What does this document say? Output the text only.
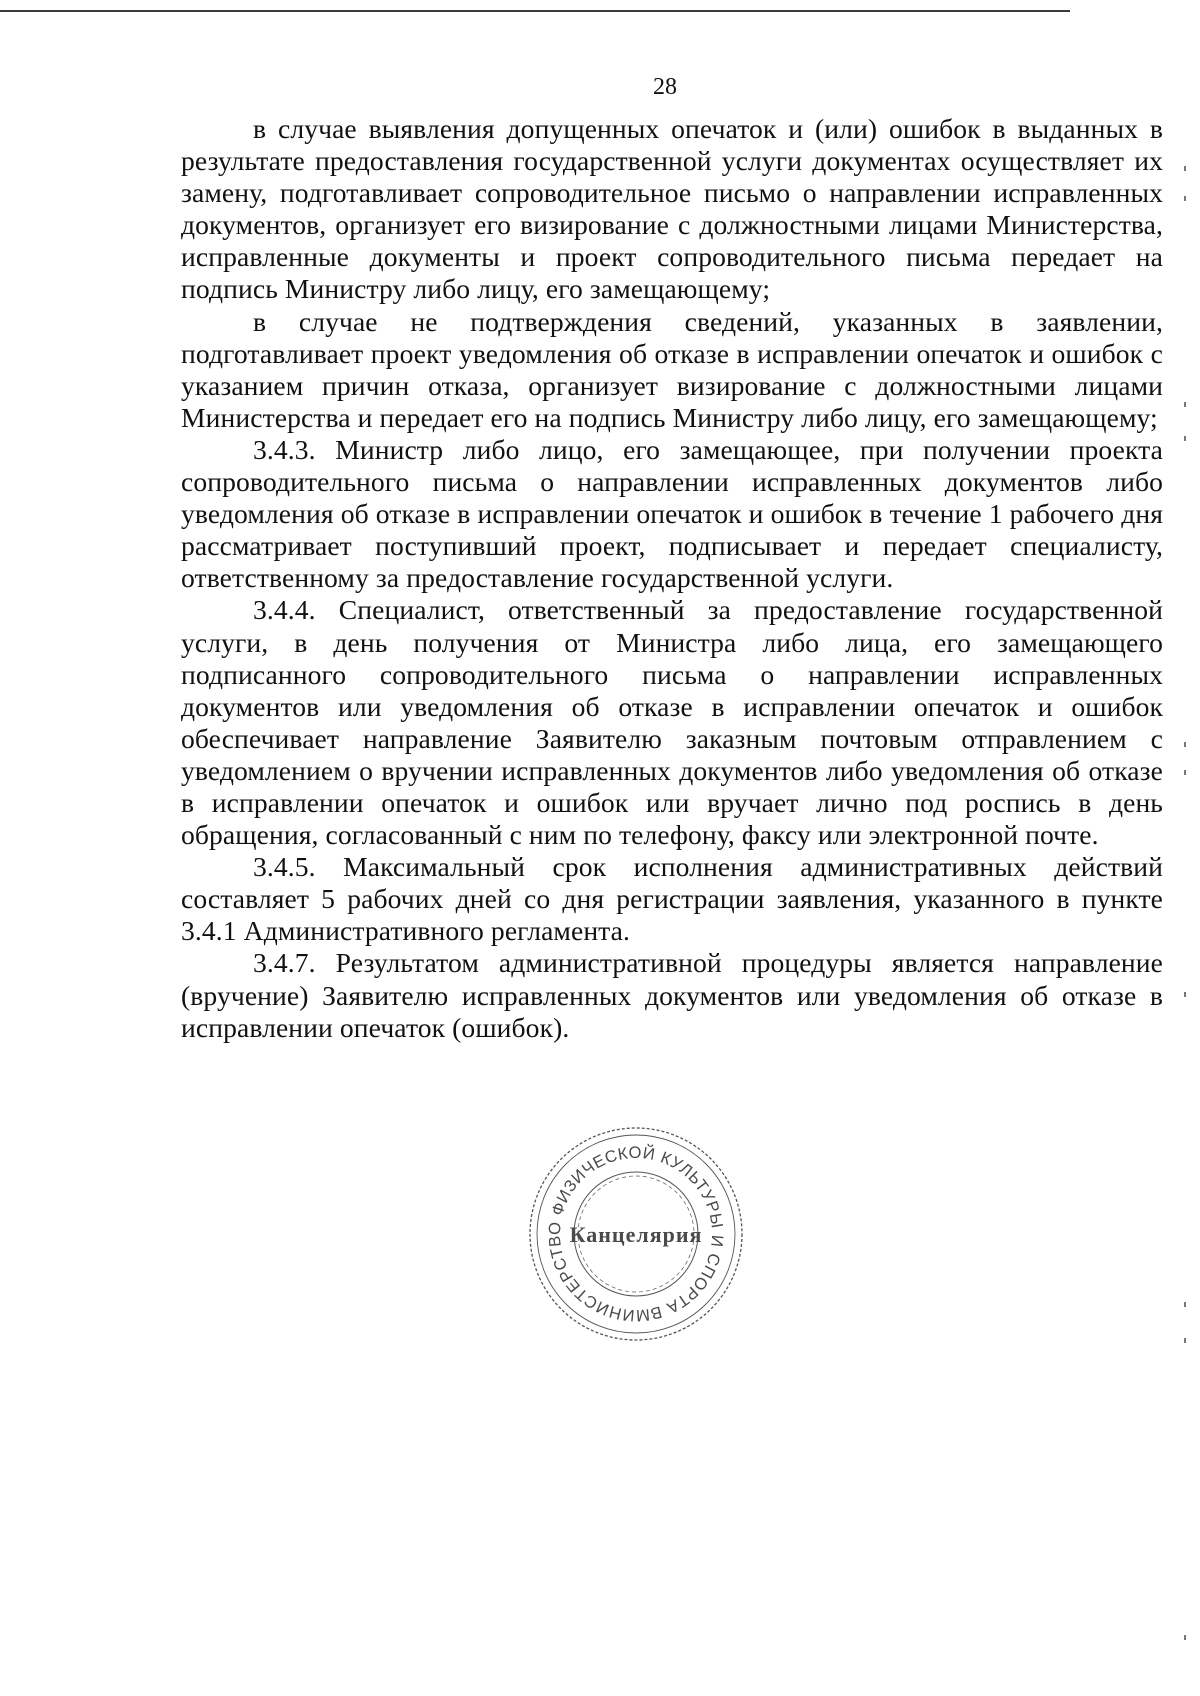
28

в случае выявления допущенных опечаток и (или) ошибок в выданных в результате предоставления государственной услуги документах осуществляет их замену, подготавливает сопроводительное письмо о направлении исправленных документов, организует его визирование с должностными лицами Министерства, исправленные документы и проект сопроводительного письма передает на подпись Министру либо лицу, его замещающему;

в случае не подтверждения сведений, указанных в заявлении, подготавливает проект уведомления об отказе в исправлении опечаток и ошибок с указанием причин отказа, организует визирование с должностными лицами Министерства и передает его на подпись Министру либо лицу, его замещающему;

3.4.3. Министр либо лицо, его замещающее, при получении проекта сопроводительного письма о направлении исправленных документов либо уведомления об отказе в исправлении опечаток и ошибок в течение 1 рабочего дня рассматривает поступивший проект, подписывает и передает специалисту, ответственному за предоставление государственной услуги.

3.4.4. Специалист, ответственный за предоставление государственной услуги, в день получения от Министра либо лица, его замещающего подписанного сопроводительного письма о направлении исправленных документов или уведомления об отказе в исправлении опечаток и ошибок обеспечивает направление Заявителю заказным почтовым отправлением с уведомлением о вручении исправленных документов либо уведомления об отказе в исправлении опечаток и ошибок или вручает лично под роспись в день обращения, согласованный с ним по телефону, факсу или электронной почте.

3.4.5. Максимальный срок исполнения административных действий составляет 5 рабочих дней со дня регистрации заявления, указанного в пункте 3.4.1 Административного регламента.

3.4.7. Результатом административной процедуры является направление (вручение) Заявителю исправленных документов или уведомления об отказе в исправлении опечаток (ошибок).

МИНИСТЕРСТВО ФИЗИЧЕСКОЙ КУЛЬТУРЫ И СПОРТА ВЛАДИМИРСКОЙ
Канцелярия
